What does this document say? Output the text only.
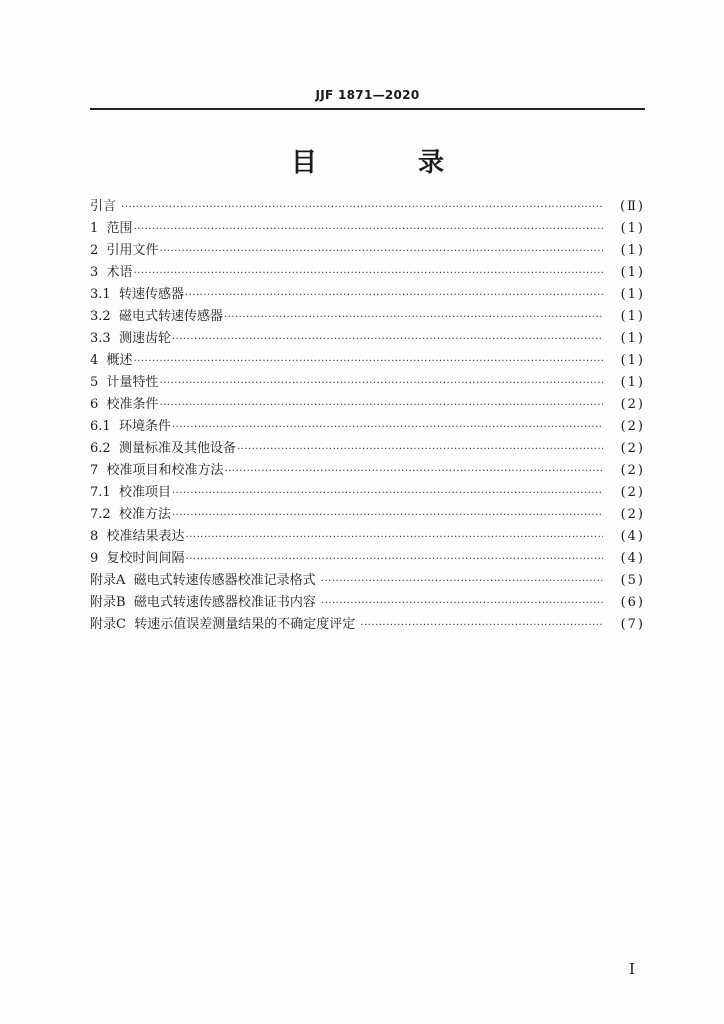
JJF 1871—2020
目 录
引言 ·····	(Ⅱ)
1 范围 ·····	(1)
2 引用文件 ·····	(1)
3 术语 ·····	(1)
3.1 转速传感器 ·····	(1)
3.2 磁电式转速传感器 ·····	(1)
3.3 测速齿轮 ·····	(1)
4 概述 ·····	(1)
5 计量特性 ·····	(1)
6 校准条件 ·····	(2)
6.1 环境条件 ·····	(2)
6.2 测量标准及其他设备 ·····	(2)
7 校准项目和校准方法 ·····	(2)
7.1 校准项目 ·····	(2)
7.2 校准方法 ·····	(2)
8 校准结果表达 ·····	(4)
9 复校时间间隔 ·····	(4)
附录A 磁电式转速传感器校准记录格式 ·····	(5)
附录B 磁电式转速传感器校准证书内容 ·····	(6)
附录C 转速示值误差测量结果的不确定度评定 ·····	(7)
I
